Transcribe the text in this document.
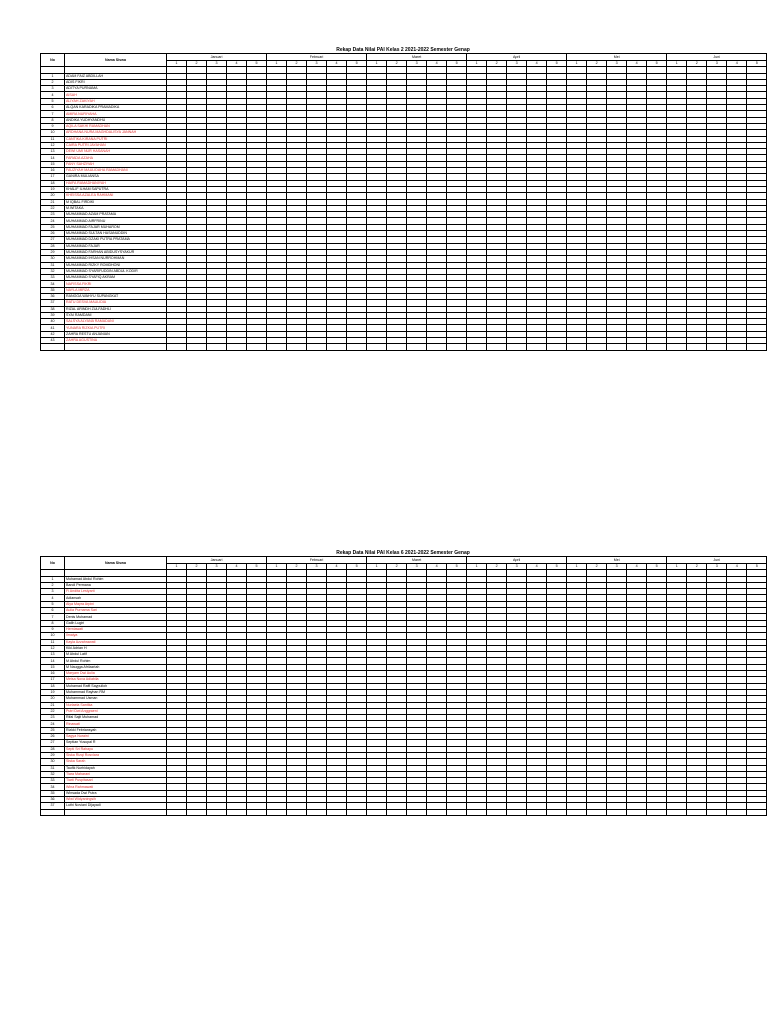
Rekap Data Nilai PAI Kelas 2 2021-2022 Semester Genap
No	Nama Siswa	Januari					Februari					Maret					April					Mei					Juni				
		1	2	3	4	5	1	2	3	4	5	1	2	3	4	5	1	2	3	4	5	1	2	3	4	5	1	2	3	4	5

1	ADAM FAIZ ABDILLAH																														
2	ADIS FIKRI																														
3	ADITYA PURNAMA																														
4	AISAH																														
5	ALIYAH ZAKIYAH																														
6	ALQAN KARADIKA PRAMADIKA																														
7	AMIRA NURIYAHA																														
8	ANDIKA YUDHYANDHU																														
9	AQILA SAKHI RAMADHAN																														
10	ARDHANA NURA MAGHDALISYA JANNAH																														
11	CANTIKA KIRANA PUTRI																														
12	CAIRA PUTRI JAYAHAN																														
13	DEWI UMI NUR HASANAH																														
14	FARADA AZAHA																														
15	FANY SAHZIYAH																														
16	FAUZIYAH MAULIDAHA RAMADHANI																														
17	GANIRA MULIANSA																														
18	HAIFA RAMADHANIYAH																														
19	KHALIF ILHAM SAPUTRA																														
20	KHEISSA AZALEA RAHMANI																														
21	M IQBAL FIRDIKI																														
22	M.WITAKA																														
23	MUHAMMAD AZAM PRATAMA																														
24	MUHAMMAD AIRFRINU																														
25	MUHAMMAD FAJAR MUHAROM																														
26	MUHAMMAD SULTAN HASANUDDIN																														
27	MUHAMMAD DZAKI PUTRA PRATAMA																														
28	MUHAMMAD FAJAR																														
29	MUHAMMAD FARHAN ABIDUSYSYAKUR																														
30	MUHAMMAD IHSAN NURROHMAN																														
31	MUHAMMAD RIZKY ROMDHONI																														
32	MUHAMMAD SYARIFUDDIN ABDUL KODIR																														
33	MUHAMMAD SYAFIQ AKRAM																														
34	NAFISSA FIKRI																														
35	NAYLA MIRZA																														
36	RANGGA WAHYU SUPANGKAT																														
37	RATU DESVA MAULIDIA																														
38	RIZAL ARINDH ZULFADHLI																														
39	SYAI RAMDANI																														
40	SALSYA ALYANA RAMADANI																														
41	YUNARA RIZKIA PUTRI																														
42	ZAHRA RESTU ANJANIAN																														
43	ZAHRA AGUSTINA																														

Rekap Data Nilai PAI Kelas 6 2021-2022 Semester Genap
No	Nama Siswa	Januari					Februari					Maret					April					Mei					Juni				
		1	2	3	4	5	1	2	3	4	5	1	2	3	4	5	1	2	3	4	5	1	2	3	4	5	1	2	3	4	5

1	Muhamad Abdul Rohim																														
2	Bandi Permana																														
3	Fi Andita Lestyarti																														
4	Adiansah																														
5	Alya Mayra Arpini																														
6	Aulia Purnama Sari																														
7	Denis Muhamad																														
8	Galih Lugiri																														
9	Herniawati																														
10	Ilmaiya																														
11	Kayla Azzahrawati																														
12	Kiki Adrian H																														
13	M Abdul Latif																														
14	M Abdul Rohim																														
15	M Naugga Afrilazriah																														
16	Maryam Dwi Aulia																														
17	Meisa Nova Adiabila																														
18	Muhamad Raffi Saypulloh																														
19	Muhammad Rayhan RM																														
20	Muhammad Usman																														
21	Nurlaela Santika																														
22	Putri Dwi Anggraeni																														
23	Rifal Sajit Muhamad																														
24	Rinawati																														
25	Rizkki Febriansyah																														
26	Sagya Nuraini																														
27	Septian Yusupal R																														
28	Septi Sri Rahayu																														
29	Siska Rizqi Rosvlara																														
30	Siska Sarah																														
31	Taufik Nurhidayah																														
32	Tiara Maharani																														
33	Tiarti Puspitasari																														
34	Wina Rahmawati																														
35	Winsada Dwi Putra																														
36	Wiwi Widyaningsih																														
37	Luthi Noviani Dijayadi																														
